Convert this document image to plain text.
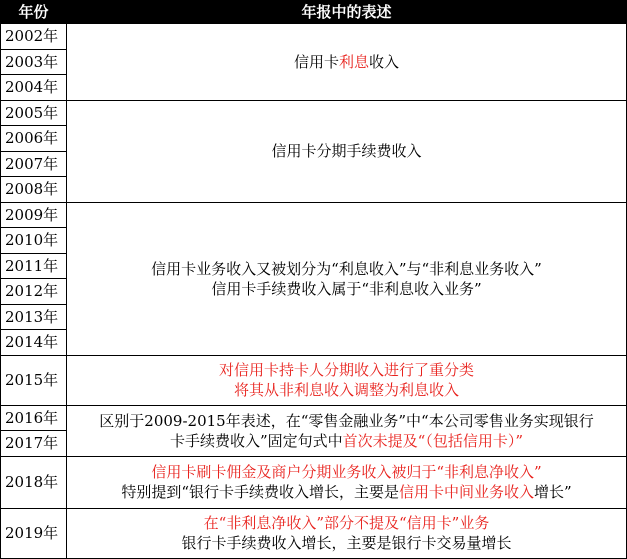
年份	年报中的表述
2002年	信用卡利息收入

2003年	
2004年	
2005年	信用卡分期手续费收入

2006年	
2007年	
2008年	
2009年	信用卡业务收入又被划分为“利息收入”与“非利息业务收入”
信用卡手续费收入属于“非利息收入业务”

2010年	
2011年	
2012年	
2013年	
2014年	
2015年	对信用卡持卡人分期收入进行了重分类
将其从非利息收入调整为利息收入

2016年	区别于2009-2015年表述，在“零售金融业务”中“本公司零售业务实现银行
卡手续费收入”固定句式中首次未提及“（包括信用卡）”

2017年	
2018年	信用卡刷卡佣金及商户分期业务收入被归于“非利息净收入”
特别提到“银行卡手续费收入增长，主要是信用卡中间业务收入增长”

2019年	在“非利息净收入”部分不提及“信用卡”业务
银行卡手续费收入增长，主要是银行卡交易量增长
